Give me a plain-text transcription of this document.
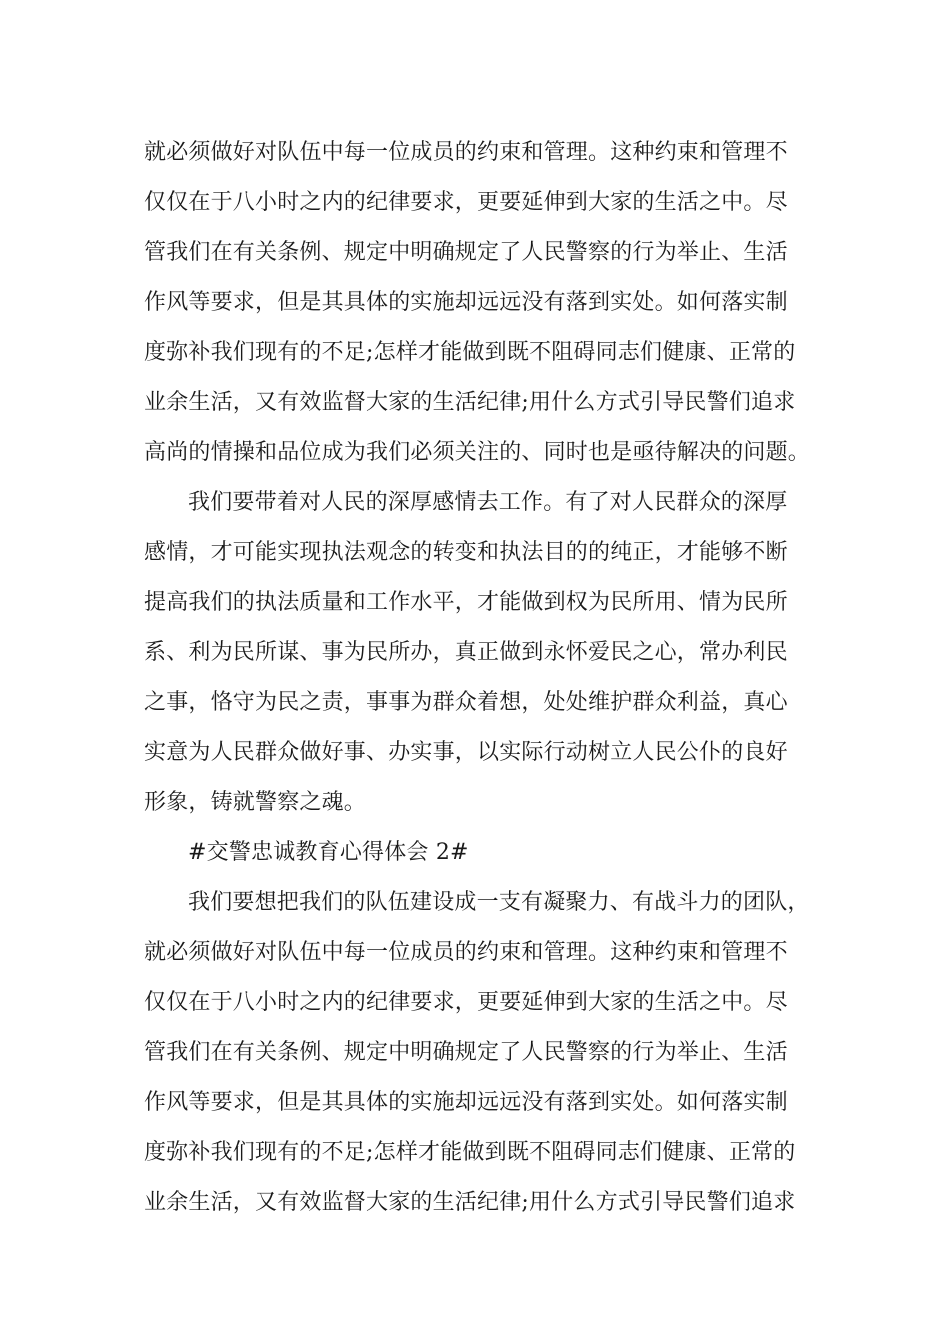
就必须做好对队伍中每一位成员的约束和管理。这种约束和管理不
仅仅在于八小时之内的纪律要求，更要延伸到大家的生活之中。尽
管我们在有关条例、规定中明确规定了人民警察的行为举止、生活
作风等要求，但是其具体的实施却远远没有落到实处。如何落实制
度弥补我们现有的不足;怎样才能做到既不阻碍同志们健康、正常的
业余生活，又有效监督大家的生活纪律;用什么方式引导民警们追求
高尚的情操和品位成为我们必须关注的、同时也是亟待解决的问题。
我们要带着对人民的深厚感情去工作。有了对人民群众的深厚
感情，才可能实现执法观念的转变和执法目的的纯正，才能够不断
提高我们的执法质量和工作水平，才能做到权为民所用、情为民所
系、利为民所谋、事为民所办，真正做到永怀爱民之心，常办利民
之事，恪守为民之责，事事为群众着想，处处维护群众利益，真心
实意为人民群众做好事、办实事，以实际行动树立人民公仆的良好
形象，铸就警察之魂。
#交警忠诚教育心得体会 2#
我们要想把我们的队伍建设成一支有凝聚力、有战斗力的团队，
就必须做好对队伍中每一位成员的约束和管理。这种约束和管理不
仅仅在于八小时之内的纪律要求，更要延伸到大家的生活之中。尽
管我们在有关条例、规定中明确规定了人民警察的行为举止、生活
作风等要求，但是其具体的实施却远远没有落到实处。如何落实制
度弥补我们现有的不足;怎样才能做到既不阻碍同志们健康、正常的
业余生活，又有效监督大家的生活纪律;用什么方式引导民警们追求
